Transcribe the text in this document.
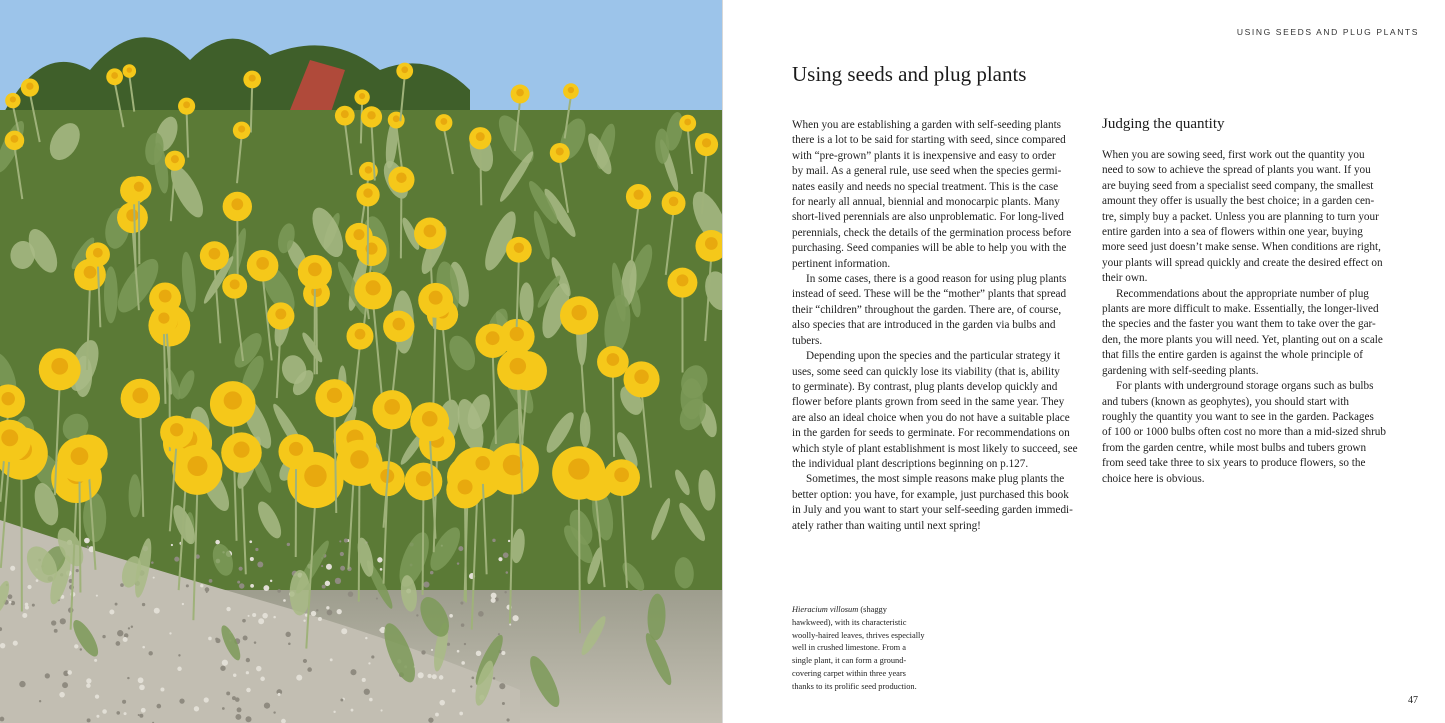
USING SEEDS AND PLUG PLANTS
Using seeds and plug plants

When you are establishing a garden with self-seeding plants
there is a lot to be said for starting with seed, since compared
with “pre-grown” plants it is inexpensive and easy to order
by mail. As a general rule, use seed when the species germi-
nates easily and needs no special treatment. This is the case
for nearly all annual, biennial and monocarpic plants. Many
short-lived perennials are also unproblematic. For long-lived
perennials, check the details of the germination process before
purchasing. Seed companies will be able to help you with the
pertinent information.

In some cases, there is a good reason for using plug plants
instead of seed. These will be the “mother” plants that spread
their “children” throughout the garden. There are, of course,
also species that are introduced in the garden via bulbs and
tubers.

Depending upon the species and the particular strategy it
uses, some seed can quickly lose its viability (that is, ability
to germinate). By contrast, plug plants develop quickly and
flower before plants grown from seed in the same year. They
are also an ideal choice when you do not have a suitable place
in the garden for seeds to germinate. For recommendations on
which style of plant establishment is most likely to succeed, see
the individual plant descriptions beginning on p.127.

Sometimes, the most simple reasons make plug plants the
better option: you have, for example, just purchased this book
in July and you want to start your self-seeding garden immedi-
ately rather than waiting until next spring!

Judging the quantity

When you are sowing seed, first work out the quantity you
need to sow to achieve the spread of plants you want. If you
are buying seed from a specialist seed company, the smallest
amount they offer is usually the best choice; in a garden cen-
tre, simply buy a packet. Unless you are planning to turn your
entire garden into a sea of flowers within one year, buying
more seed just doesn’t make sense. When conditions are right,
your plants will spread quickly and create the desired effect on
their own.

Recommendations about the appropriate number of plug
plants are more difficult to make. Essentially, the longer-lived
the species and the faster you want them to take over the gar-
den, the more plants you will need. Yet, planting out on a scale
that fills the entire garden is against the whole principle of
gardening with self-seeding plants.

For plants with underground storage organs such as bulbs
and tubers (known as geophytes), you should start with
roughly the quantity you want to see in the garden. Packages
of 100 or 1000 bulbs often cost no more than a mid-sized shrub
from the garden centre, while most bulbs and tubers grown
from seed take three to six years to produce flowers, so the
choice here is obvious.

Hieracium villosum (shaggy
hawkweed), with its characteristic
woolly-haired leaves, thrives especially
well in crushed limestone. From a
single plant, it can form a ground-
covering carpet within three years
thanks to its prolific seed production.
47
